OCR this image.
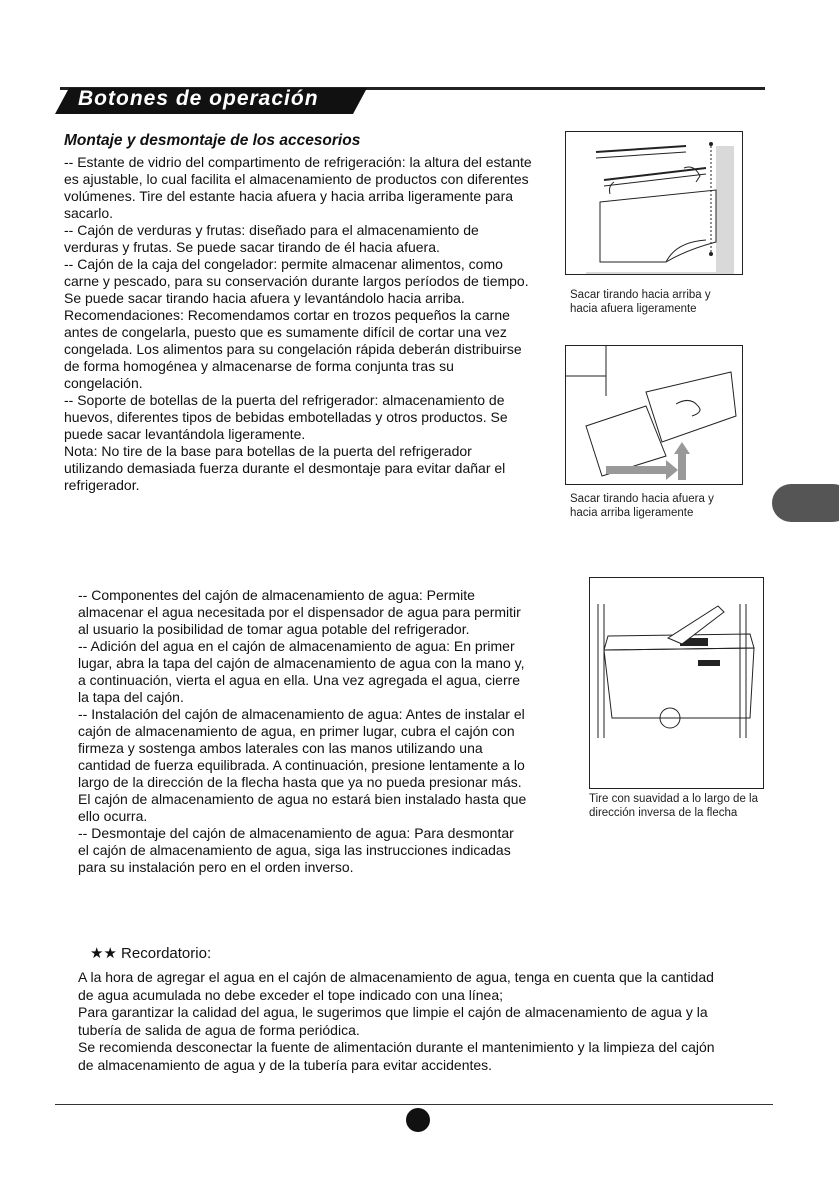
Botones de operación
Montaje y desmontaje de los accesorios

-- Estante de vidrio del compartimento de refrigeración: la altura del estante es ajustable, lo cual facilita el almacenamiento de productos con diferentes volúmenes. Tire del estante hacia afuera y hacia arriba ligeramente para sacarlo.

-- Cajón de verduras y frutas: diseñado para el almacenamiento de verduras y frutas. Se puede sacar tirando de él hacia afuera.

-- Cajón de la caja del congelador: permite almacenar alimentos, como carne y pescado, para su conservación durante largos períodos de tiempo. Se puede sacar tirando hacia afuera y levantándolo hacia arriba.

Recomendaciones: Recomendamos cortar en trozos pequeños la carne antes de congelarla, puesto que es sumamente difícil de cortar una vez congelada. Los alimentos para su congelación rápida deberán distribuirse de forma homogénea y almacenarse de forma conjunta tras su congelación.

-- Soporte de botellas de la puerta del refrigerador: almacenamiento de huevos, diferentes tipos de bebidas embotelladas y otros productos. Se puede sacar levantándola ligeramente.

Nota: No tire de la base para botellas de la puerta del refrigerador utilizando demasiada fuerza durante el desmontaje para evitar dañar el refrigerador.

Sacar tirando hacia arriba y hacia afuera ligeramente
Sacar tirando hacia afuera y hacia arriba ligeramente

-- Componentes del cajón de almacenamiento de agua: Permite almacenar el agua necesitada por el dispensador de agua para permitir al usuario la posibilidad de tomar agua potable del refrigerador.

-- Adición del agua en el cajón de almacenamiento de agua: En primer lugar, abra la tapa del cajón de almacenamiento de agua con la mano y, a continuación, vierta el agua en ella. Una vez agregada el agua, cierre la tapa del cajón.

-- Instalación del cajón de almacenamiento de agua: Antes de instalar el cajón de almacenamiento de agua, en primer lugar, cubra el cajón con firmeza y sostenga ambos laterales con las manos utilizando una cantidad de fuerza equilibrada. A continuación, presione lentamente a lo largo de la dirección de la flecha hasta que ya no pueda presionar más. El cajón de almacenamiento de agua no estará bien instalado hasta que ello ocurra.

-- Desmontaje del cajón de almacenamiento de agua: Para desmontar el cajón de almacenamiento de agua, siga las instrucciones indicadas para su instalación pero en el orden inverso.

Tire con suavidad a lo largo de la dirección inversa de la flecha
★★ Recordatorio:

A la hora de agregar el agua en el cajón de almacenamiento de agua, tenga en cuenta que la cantidad de agua acumulada no debe exceder el tope indicado con una línea;

Para garantizar la calidad del agua, le sugerimos que limpie el cajón de almacenamiento de agua y la tubería de salida de agua de forma periódica.

Se recomienda desconectar la fuente de alimentación durante el mantenimiento y la limpieza del cajón de almacenamiento de agua y de la tubería para evitar accidentes.
